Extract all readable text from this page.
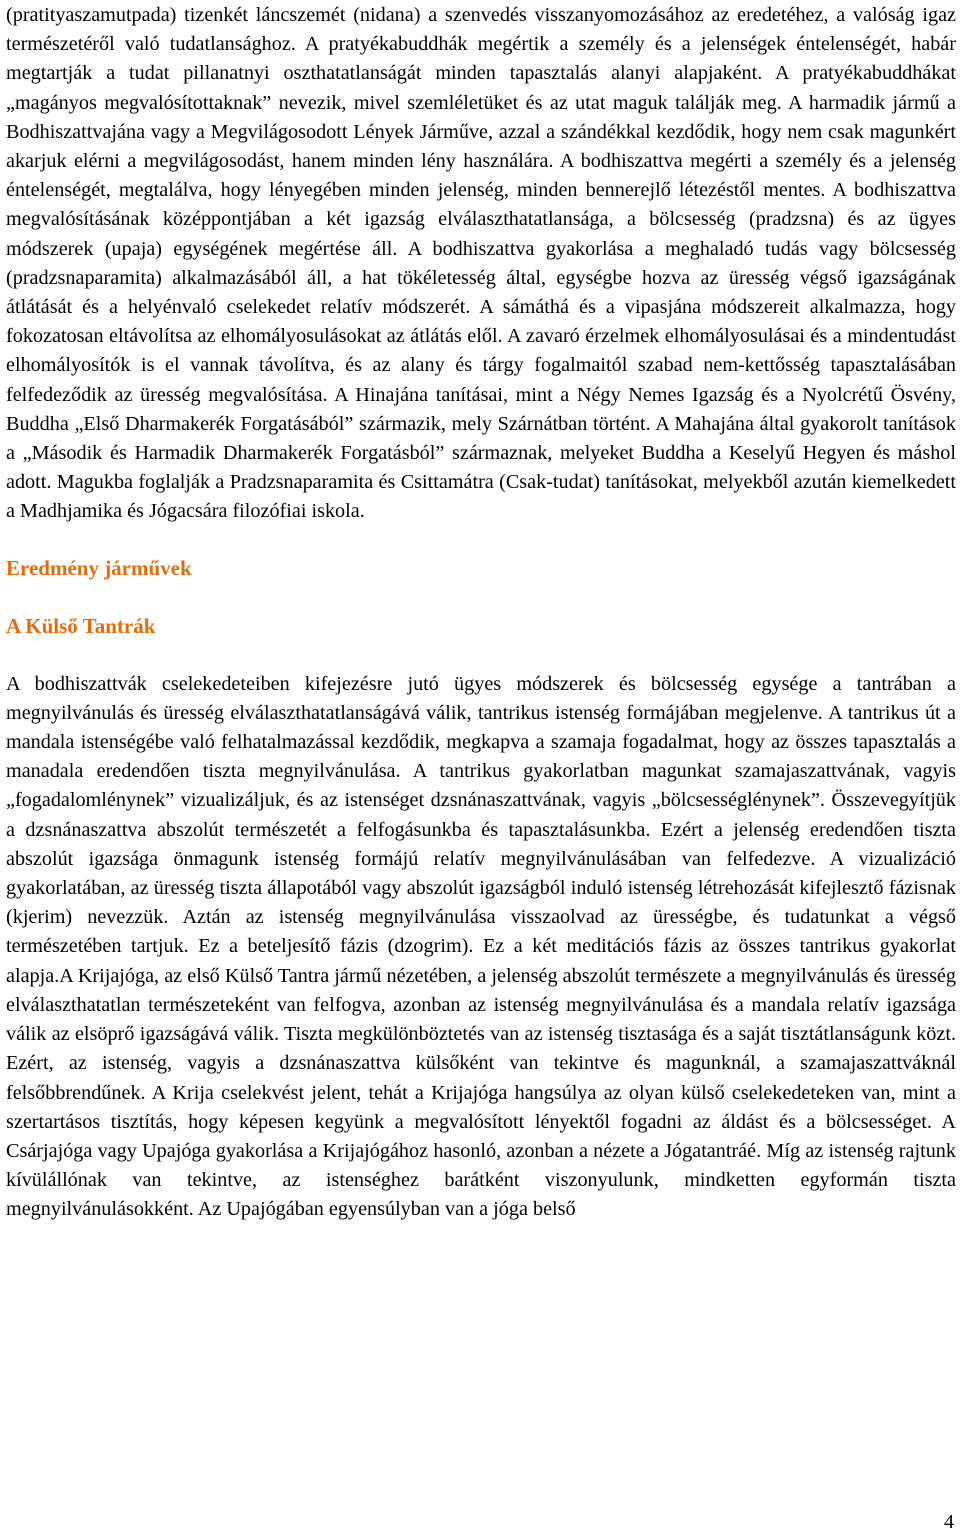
(pratityaszamutpada) tizenkét láncszemét (nidana) a szenvedés visszanyomozásához az eredetéhez, a valóság igaz természetéről való tudatlansághoz. A pratyékabuddhák megértik a személy és a jelenségek éntelenségét, habár megtartják a tudat pillanatnyi oszthatatlanságát minden tapasztalás alanyi alapjaként. A pratyékabuddhákat „magányos megvalósítottaknak” nevezik, mivel szemléletüket és az utat maguk találják meg. A harmadik jármű a Bodhiszattvajána vagy a Megvilágosodott Lények Járműve, azzal a szándékkal kezdődik, hogy nem csak magunkért akarjuk elérni a megvilágosodást, hanem minden lény használára. A bodhiszattva megérti a személy és a jelenség éntelenségét, megtalálva, hogy lényegében minden jelenség, minden bennerejlő létezéstől mentes. A bodhiszattva megvalósításának középpontjában a két igazság elválaszthatatlansága, a bölcsesség (pradzsna) és az ügyes módszerek (upaja) egységének megértése áll. A bodhiszattva gyakorlása a meghaladó tudás vagy bölcsesség (pradzsnaparamita) alkalmazásából áll, a hat tökéletesség által, egységbe hozva az üresség végső igazságának átlátását és a helyénvaló cselekedet relatív módszerét. A sámáthá és a vipasjána módszereit alkalmazza, hogy fokozatosan eltávolítsa az elhomályosulásokat az átlátás elől. A zavaró érzelmek elhomályosulásai és a mindentudást elhomályosítók is el vannak távolítva, és az alany és tárgy fogalmaitól szabad nem-kettősség tapasztalásában felfedeződik az üresség megvalósítása. A Hinajána tanításai, mint a Négy Nemes Igazság és a Nyolcrétű Ösvény, Buddha „Első Dharmakerék Forgatásából” származik, mely Szárnátban történt. A Mahajána által gyakorolt tanítások a „Második és Harmadik Dharmakerék Forgatásból” származnak, melyeket Buddha a Keselyű Hegyen és máshol adott. Magukba foglalják a Pradzsnaparamita és Csittamátra (Csak-tudat) tanításokat, melyekből azután kiemelkedett a Madhjamika és Jógacsára filozófiai iskola.

Eredmény járművek
A Külső Tantrák

A bodhiszattvák cselekedeteiben kifejezésre jutó ügyes módszerek és bölcsesség egysége a tantrában a megnyilvánulás és üresség elválaszthatatlanságává válik, tantrikus istenség formájában megjelenve. A tantrikus út a mandala istenségébe való felhatalmazással kezdődik, megkapva a szamaja fogadalmat, hogy az összes tapasztalás a manadala eredendően tiszta megnyilvánulása. A tantrikus gyakorlatban magunkat szamajaszattvának, vagyis „fogadalomlénynek” vizualizáljuk, és az istenséget dzsnánaszattvának, vagyis „bölcsességlénynek”. Összevegyítjük a dzsnánaszattva abszolút természetét a felfogásunkba és tapasztalásunkba. Ezért a jelenség eredendően tiszta abszolút igazsága önmagunk istenség formájú relatív megnyilvánulásában van felfedezve. A vizualizáció gyakorlatában, az üresség tiszta állapotából vagy abszolút igazságból induló istenség létrehozását kifejlesztő fázisnak (kjerim) nevezzük. Aztán az istenség megnyilvánulása visszaolvad az ürességbe, és tudatunkat a végső természetében tartjuk. Ez a beteljesítő fázis (dzogrim). Ez a két meditációs fázis az összes tantrikus gyakorlat alapja.A Krijajóga, az első Külső Tantra jármű nézetében, a jelenség abszolút természete a megnyilvánulás és üresség elválaszthatatlan természeteként van felfogva, azonban az istenség megnyilvánulása és a mandala relatív igazsága válik az elsöprő igazságává válik. Tiszta megkülönböztetés van az istenség tisztasága és a saját tisztátlanságunk közt. Ezért, az istenség, vagyis a dzsnánaszattva külsőként van tekintve és magunknál, a szamajaszattváknál felsőbbrendűnek. A Krija cselekvést jelent, tehát a Krijajóga hangsúlya az olyan külső cselekedeteken van, mint a szertartásos tisztítás, hogy képesen kegyünk a megvalósított lényektől fogadni az áldást és a bölcsességet. A Csárjajóga vagy Upajóga gyakorlása a Krijajógához hasonló, azonban a nézete a Jógatantráé. Míg az istenség rajtunk kívülállónak van tekintve, az istenséghez barátként viszonyulunk, mindketten egyformán tiszta megnyilvánulásokként. Az Upajógában egyensúlyban van a jóga belső

4
